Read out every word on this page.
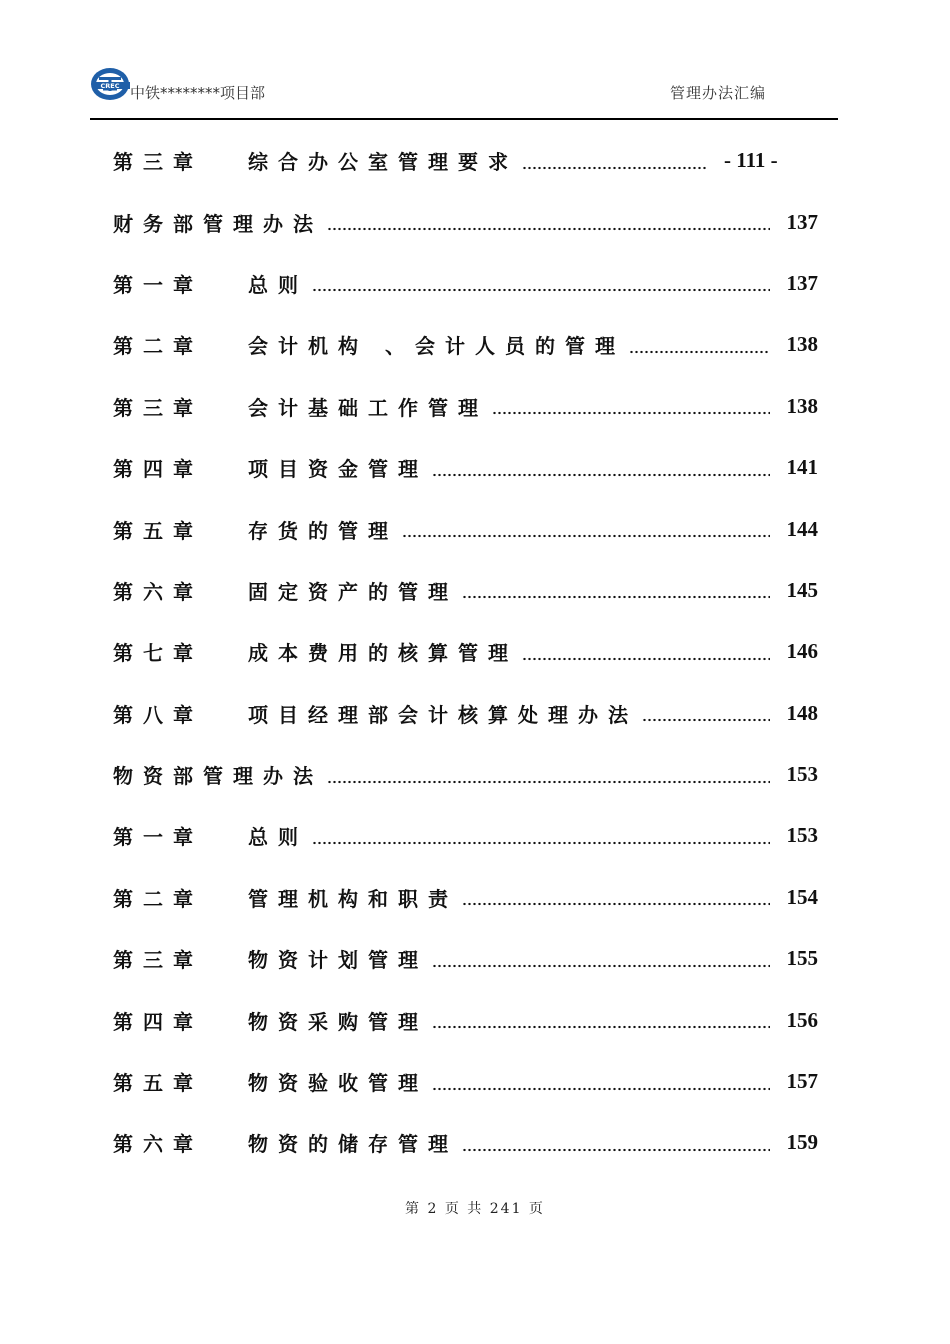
CREC 中铁********项目部	管理办法汇编
第三章	综合办公室管理要求	- 111 -
财务部管理办法	137
第一章	总则	137
第二章	会计机构 、会计人员的管理	138
第三章	会计基础工作管理	138
第四章	项目资金管理	141
第五章	存货的管理	144
第六章	固定资产的管理	145
第七章	成本费用的核算管理	146
第八章	项目经理部会计核算处理办法	148
物资部管理办法	153
第一章	总则	153
第二章	管理机构和职责	154
第三章	物资计划管理	155
第四章	物资采购管理	156
第五章	物资验收管理	157
第六章	物资的储存管理	159
第 2 页 共 241 页
